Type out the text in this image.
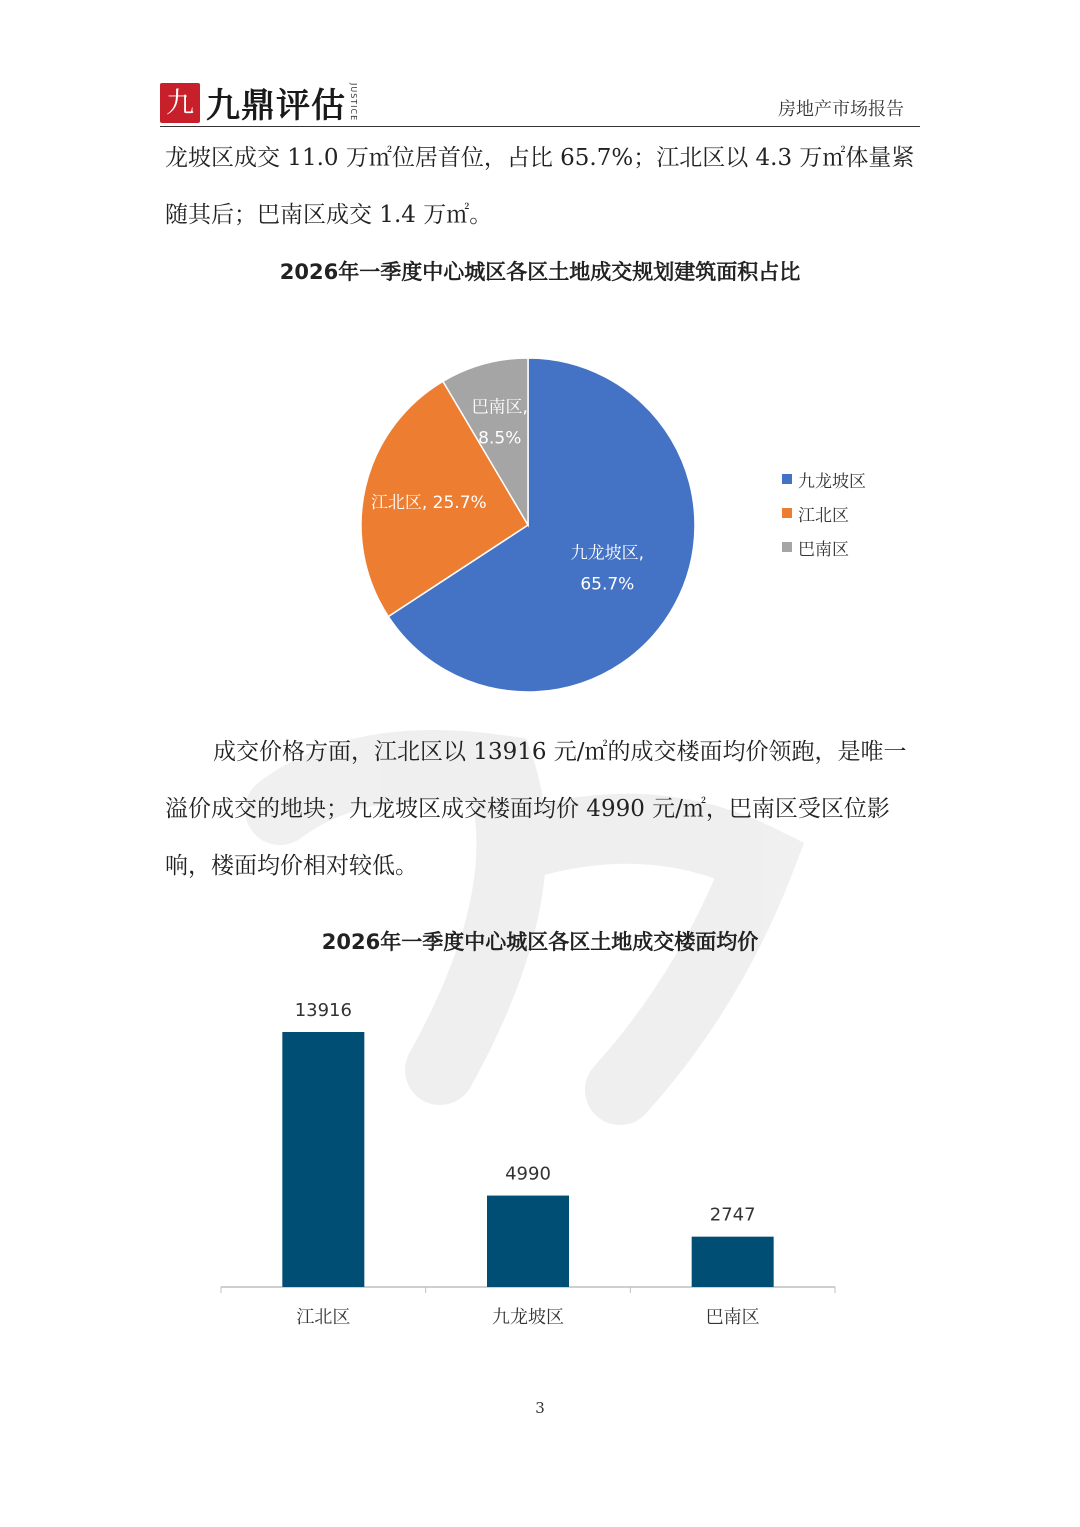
九 九鼎评估 JUSTICE	房地产市场报告

龙坡区成交 11.0 万㎡位居首位，占比 65.7%；江北区以 4.3 万㎡体量紧随其后；巴南区成交 1.4 万㎡。

2026年一季度中心城区各区土地成交规划建筑面积占比
九龙坡区,
65.7%
江北区, 25.7%
巴南区,
8.5%
九龙坡区
江北区
巴南区

成交价格方面，江北区以 13916 元/㎡的成交楼面均价领跑，是唯一溢价成交的地块；九龙坡区成交楼面均价 4990 元/㎡，巴南区受区位影响，楼面均价相对较低。

2026年一季度中心城区各区土地成交楼面均价
13916
江北区
4990
九龙坡区
2747
巴南区
3
